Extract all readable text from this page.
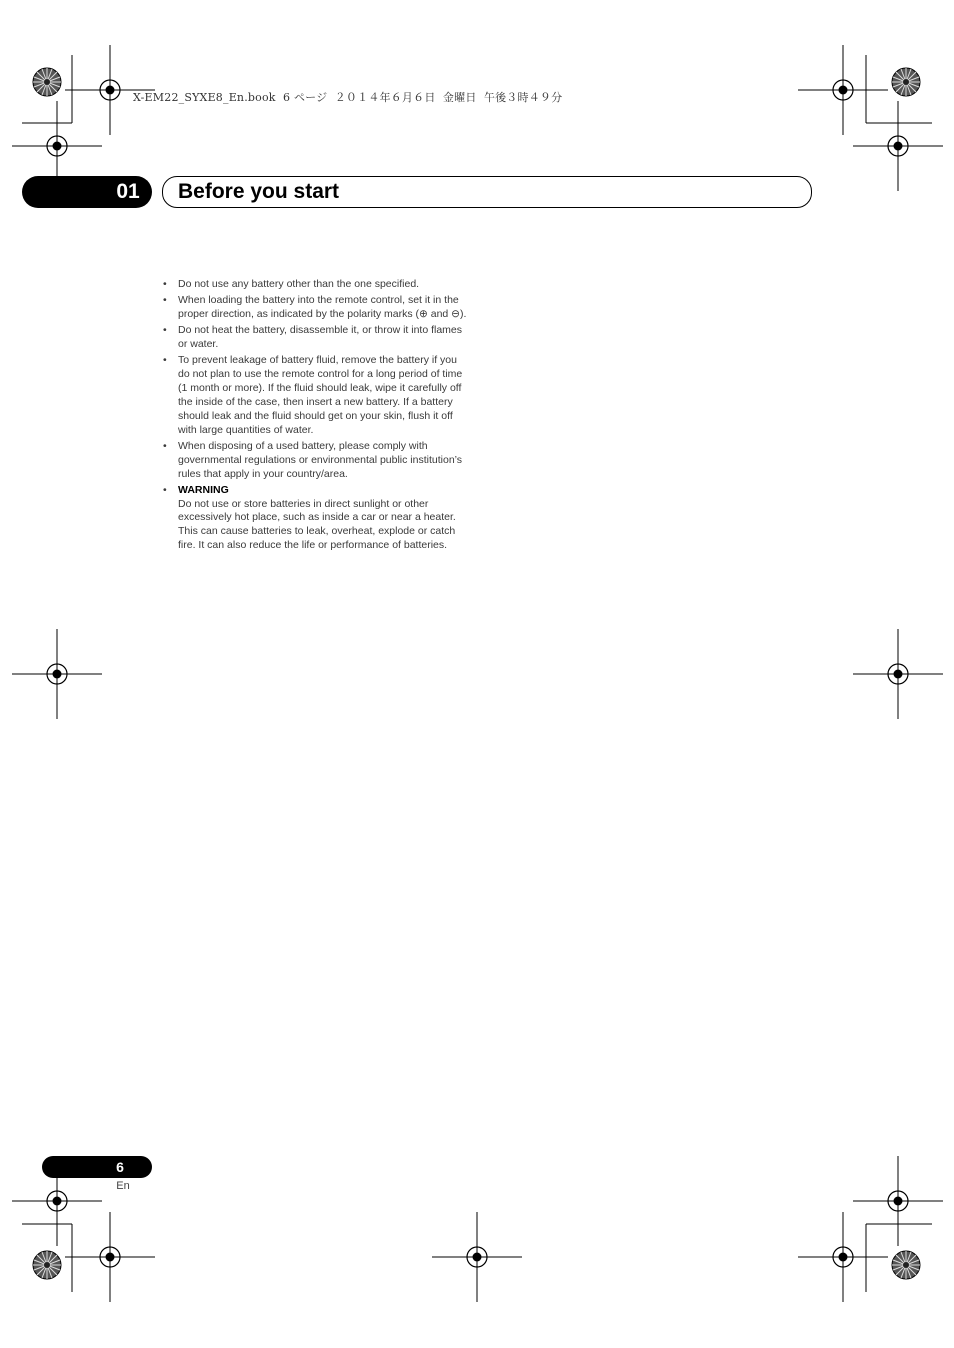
X-EM22_SYXE8_En.book  6 ページ  ２０１４年６月６日  金曜日  午後３時４９分
01	Before you start
• Do not use any battery other than the one specified.
• When loading the battery into the remote control, set it in the proper direction, as indicated by the polarity marks (⊕ and ⊖).
• Do not heat the battery, disassemble it, or throw it into flames or water.
• To prevent leakage of battery fluid, remove the battery if you do not plan to use the remote control for a long period of time (1 month or more). If the fluid should leak, wipe it carefully off the inside of the case, then insert a new battery. If a battery should leak and the fluid should get on your skin, flush it off with large quantities of water.
• When disposing of a used battery, please comply with governmental regulations or environmental public institution’s rules that apply in your country/area.
• WARNING
Do not use or store batteries in direct sunlight or other excessively hot place, such as inside a car or near a heater. This can cause batteries to leak, overheat, explode or catch fire. It can also reduce the life or performance of batteries.
6
En
